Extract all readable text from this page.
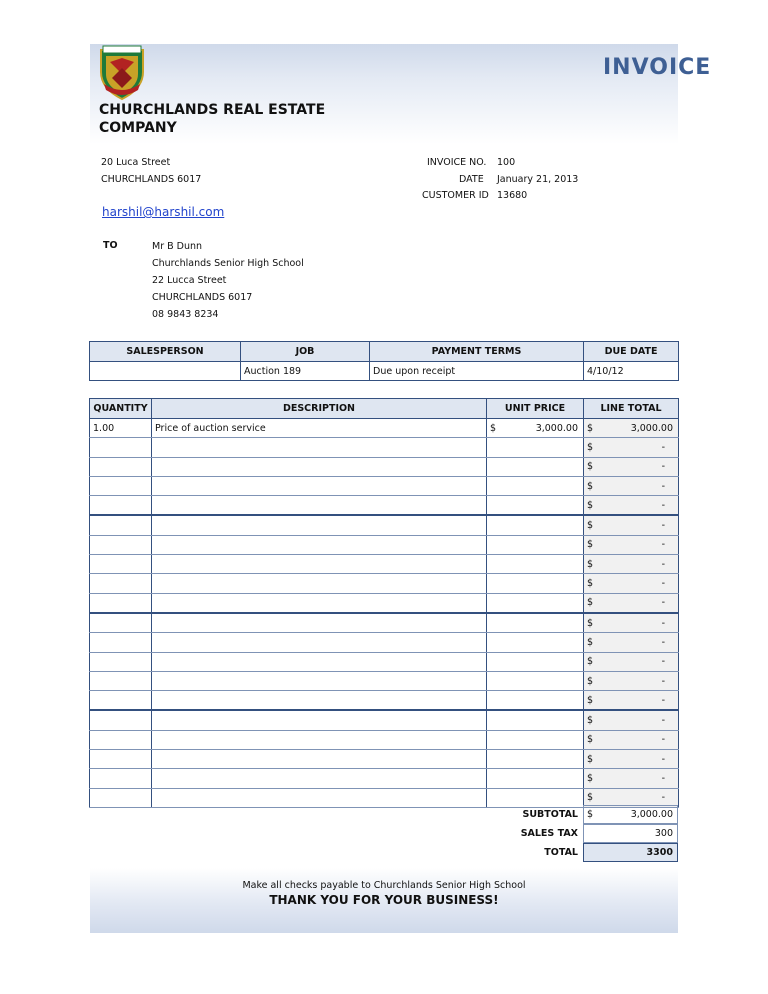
INVOICE
CHURCHLANDS REAL ESTATE COMPANY
20 Luca Street
CHURCHLANDS 6017
harshil@harshil.com
INVOICE NO. 100
DATE January 21, 2013
CUSTOMER ID 13680
TO	Mr B Dunn
Churchlands Senior High School
22 Lucca Street
CHURCHLANDS 6017
08 9843 8234
SALESPERSON	JOB	PAYMENT TERMS	DUE DATE
	Auction 189	Due upon receipt	4/10/12
QUANTITY	DESCRIPTION	UNIT PRICE	LINE TOTAL
1.00	Price of auction service	$ 3,000.00	$ 3,000.00

			$ -

			$ -

			$ -

			$ -

			$ -

			$ -

			$ -

			$ -

			$ -

			$ -

			$ -

			$ -

			$ -

			$ -

			$ -

			$ -

			$ -

			$ -

			$ -
SUBTOTAL $	3,000.00
SALES TAX	300
TOTAL	3300
Make all checks payable to Churchlands Senior High School
THANK YOU FOR YOUR BUSINESS!
